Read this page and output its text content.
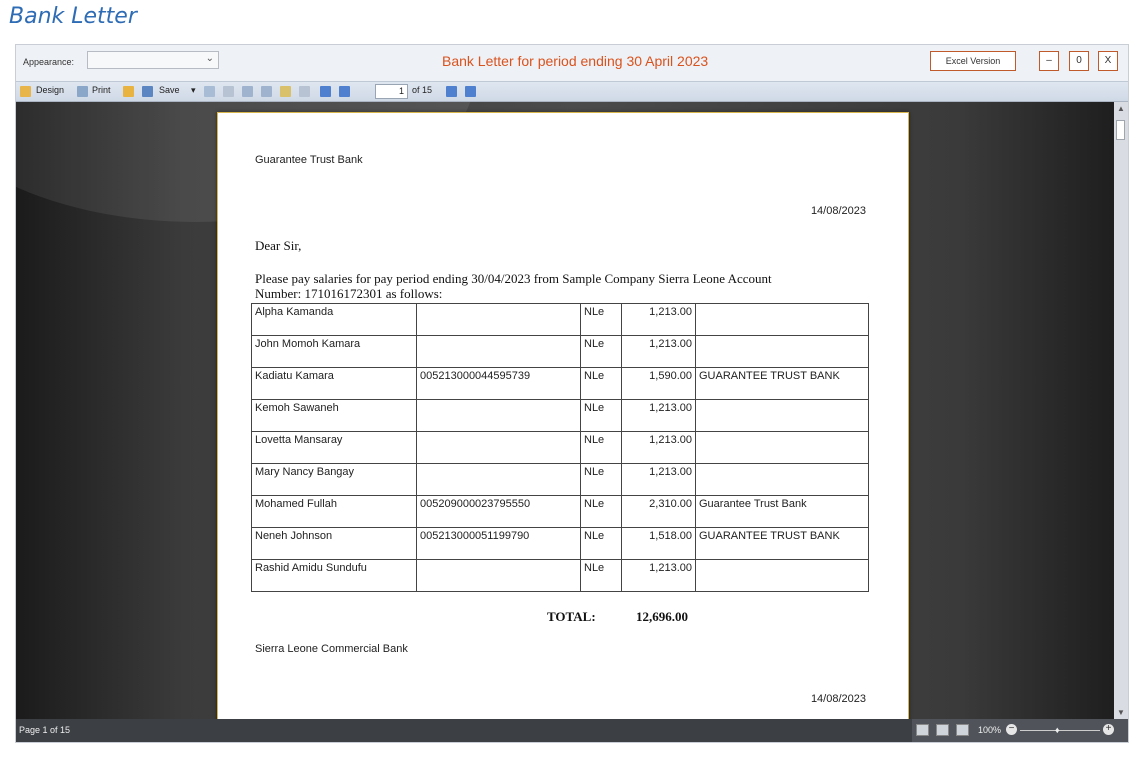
Bank Letter
Appearance:	⌄	Bank Letter for period ending 30 April 2023	Excel Version	–	0	X
Design	Print	Save ▾	1 of 15
Guarantee Trust Bank
14/08/2023
Dear Sir,
Please pay salaries for pay period ending 30/04/2023 from Sample Company Sierra Leone Account
Number: 171016172301 as follows:
Alpha Kamanda		NLe	1,213.00	
John Momoh Kamara		NLe	1,213.00	
Kadiatu Kamara	005213000044595739	NLe	1,590.00	GUARANTEE TRUST BANK
Kemoh Sawaneh		NLe	1,213.00	
Lovetta Mansaray		NLe	1,213.00	
Mary Nancy Bangay		NLe	1,213.00	
Mohamed Fullah	005209000023795550	NLe	2,310.00	Guarantee Trust Bank
Neneh Johnson	005213000051199790	NLe	1,518.00	GUARANTEE TRUST BANK
Rashid Amidu Sundufu		NLe	1,213.00	
TOTAL:	12,696.00
Sierra Leone Commercial Bank
14/08/2023
▲
▼
Page 1 of 15	100% −	♦	+
